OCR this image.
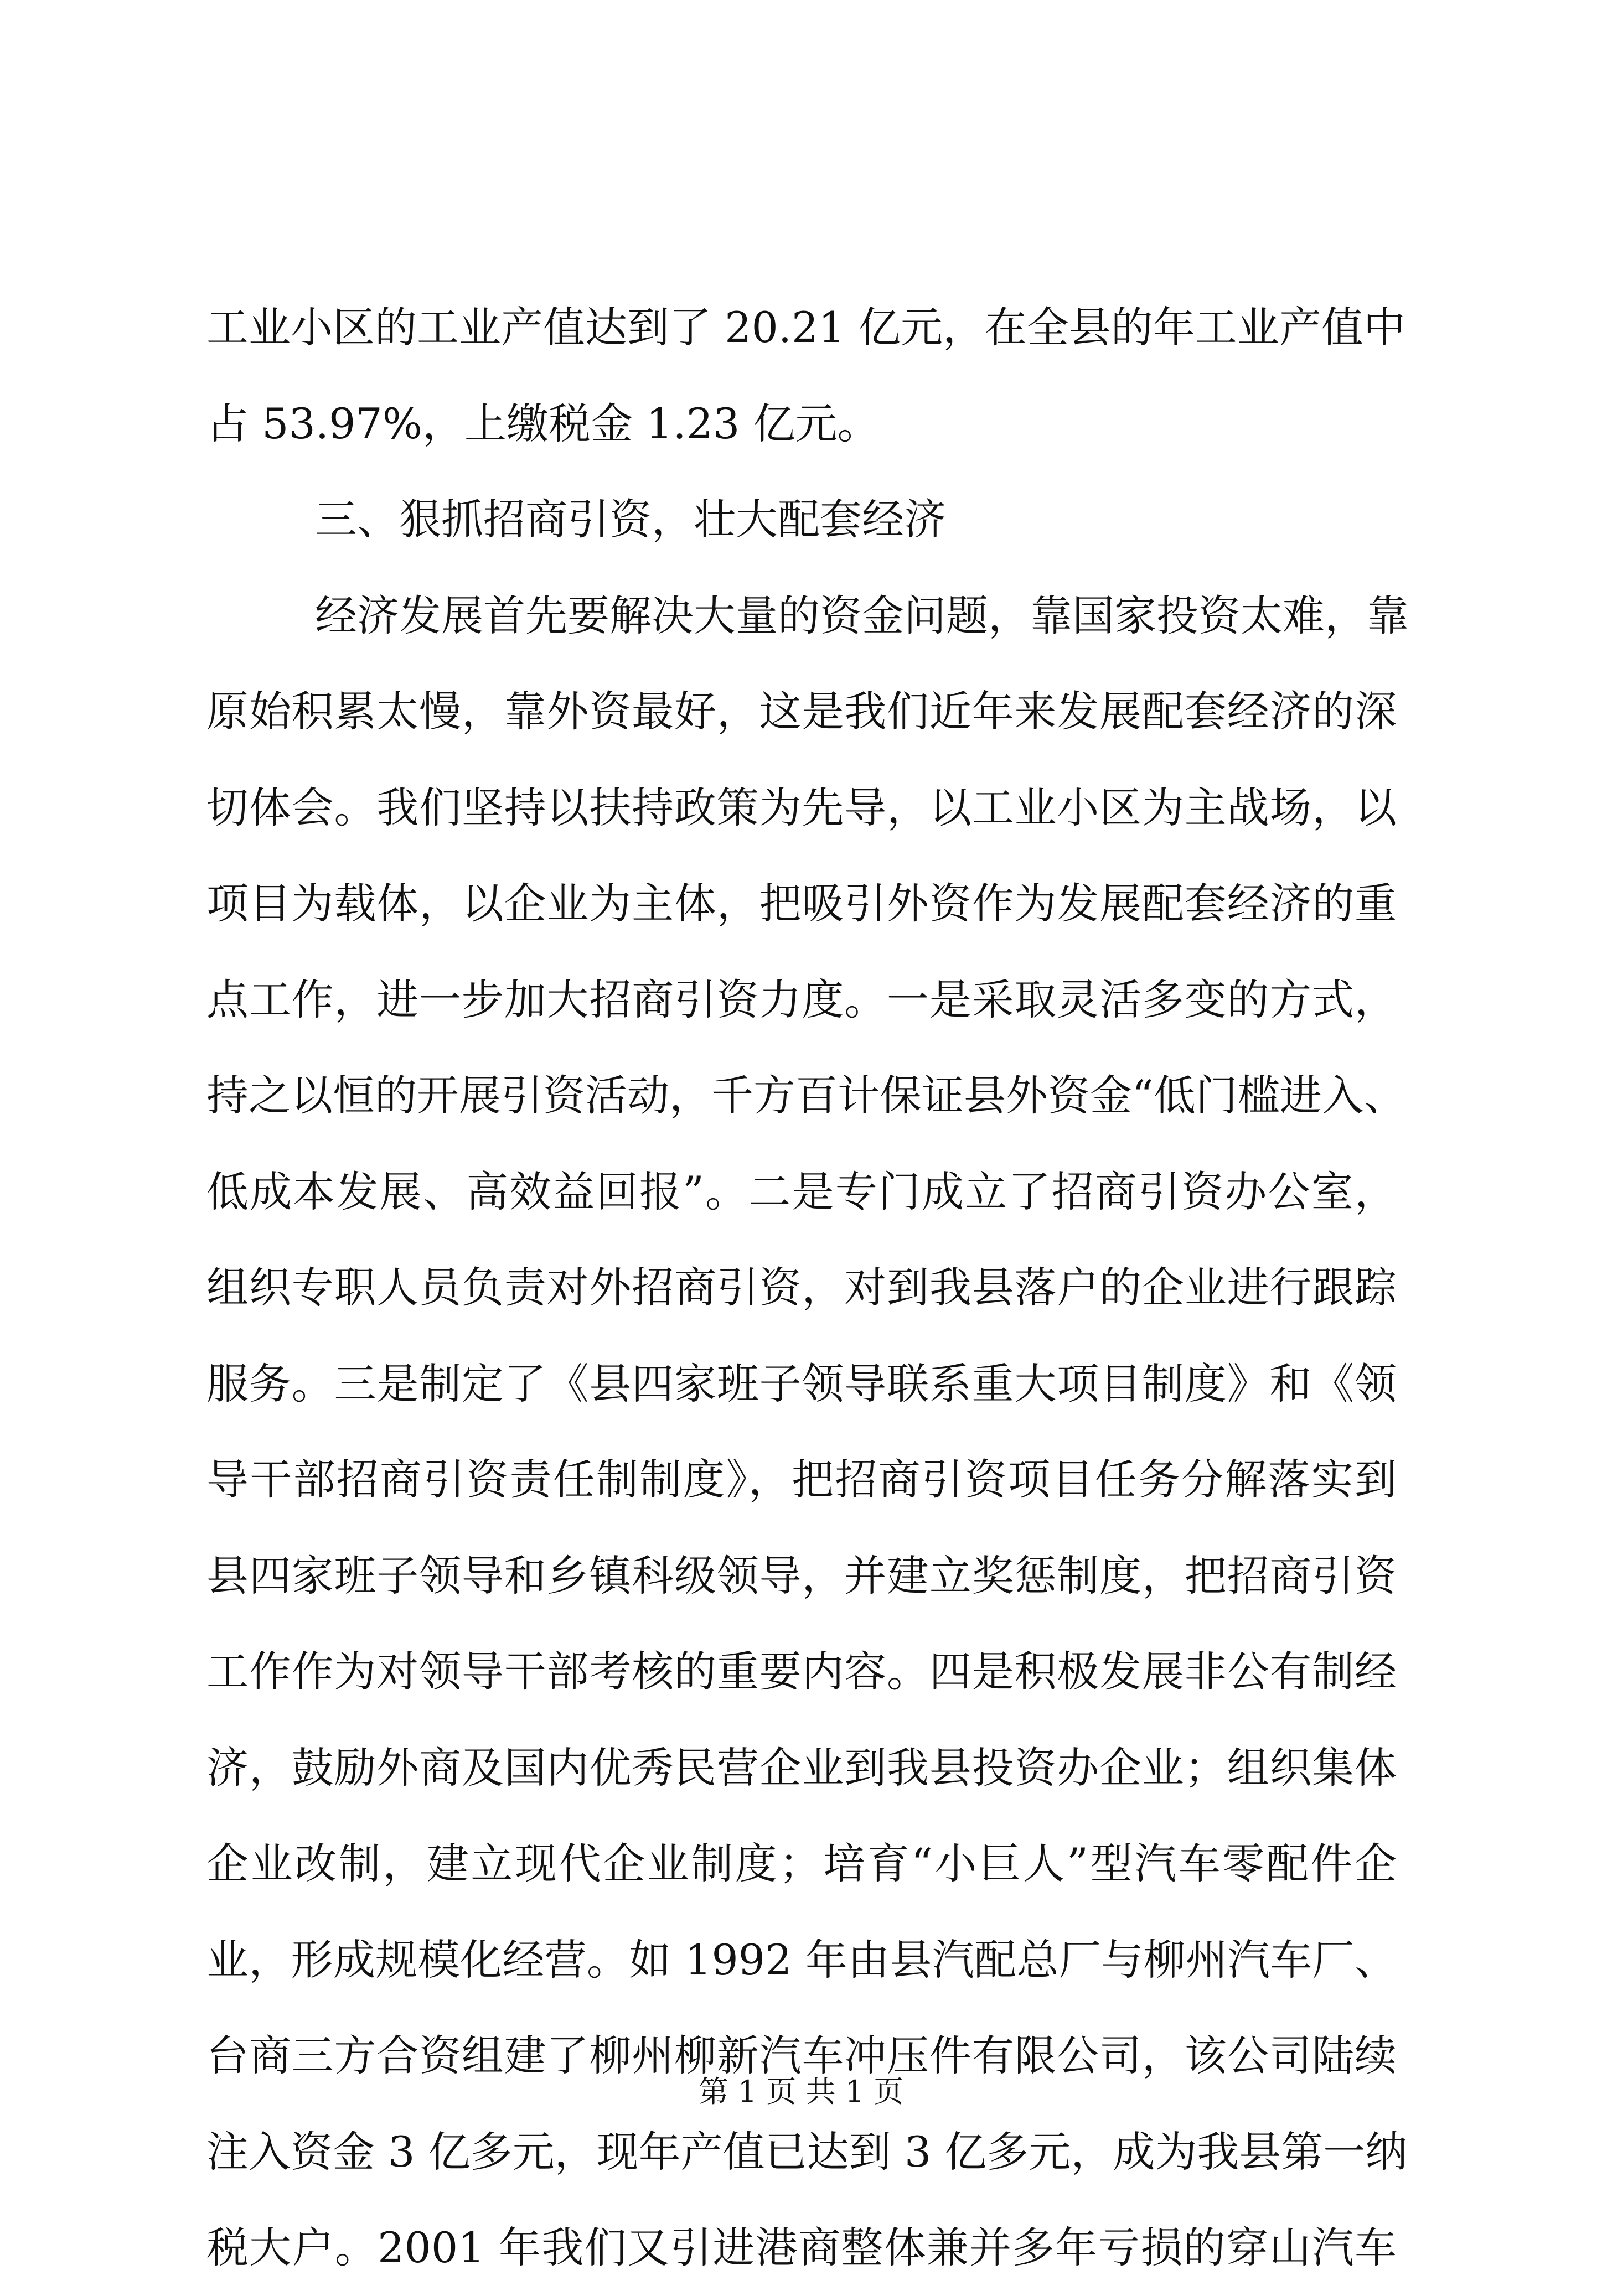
工业小区的工业产值达到了 20.21 亿元，在全县的年工业产值中
占 53.97%，上缴税金 1.23 亿元。
三、狠抓招商引资，壮大配套经济
经济发展首先要解决大量的资金问题，靠国家投资太难，靠
原始积累太慢，靠外资最好，这是我们近年来发展配套经济的深
切体会。我们坚持以扶持政策为先导，以工业小区为主战场，以
项目为载体，以企业为主体，把吸引外资作为发展配套经济的重
点工作，进一步加大招商引资力度。一是采取灵活多变的方式，
持之以恒的开展引资活动，千方百计保证县外资金“低门槛进入、
低成本发展、高效益回报”。二是专门成立了招商引资办公室，
组织专职人员负责对外招商引资，对到我县落户的企业进行跟踪
服务。三是制定了《县四家班子领导联系重大项目制度》和《领
导干部招商引资责任制制度》，把招商引资项目任务分解落实到
县四家班子领导和乡镇科级领导，并建立奖惩制度，把招商引资
工作作为对领导干部考核的重要内容。四是积极发展非公有制经
济，鼓励外商及国内优秀民营企业到我县投资办企业；组织集体
企业改制，建立现代企业制度；培育“小巨人”型汽车零配件企
业，形成规模化经营。如 1992 年由县汽配总厂与柳州汽车厂、
台商三方合资组建了柳州柳新汽车冲压件有限公司，该公司陆续
注入资金 3 亿多元，现年产值已达到 3 亿多元，成为我县第一纳
税大户。2001 年我们又引进港商整体兼并多年亏损的穿山汽车
第 1 页 共 1 页
